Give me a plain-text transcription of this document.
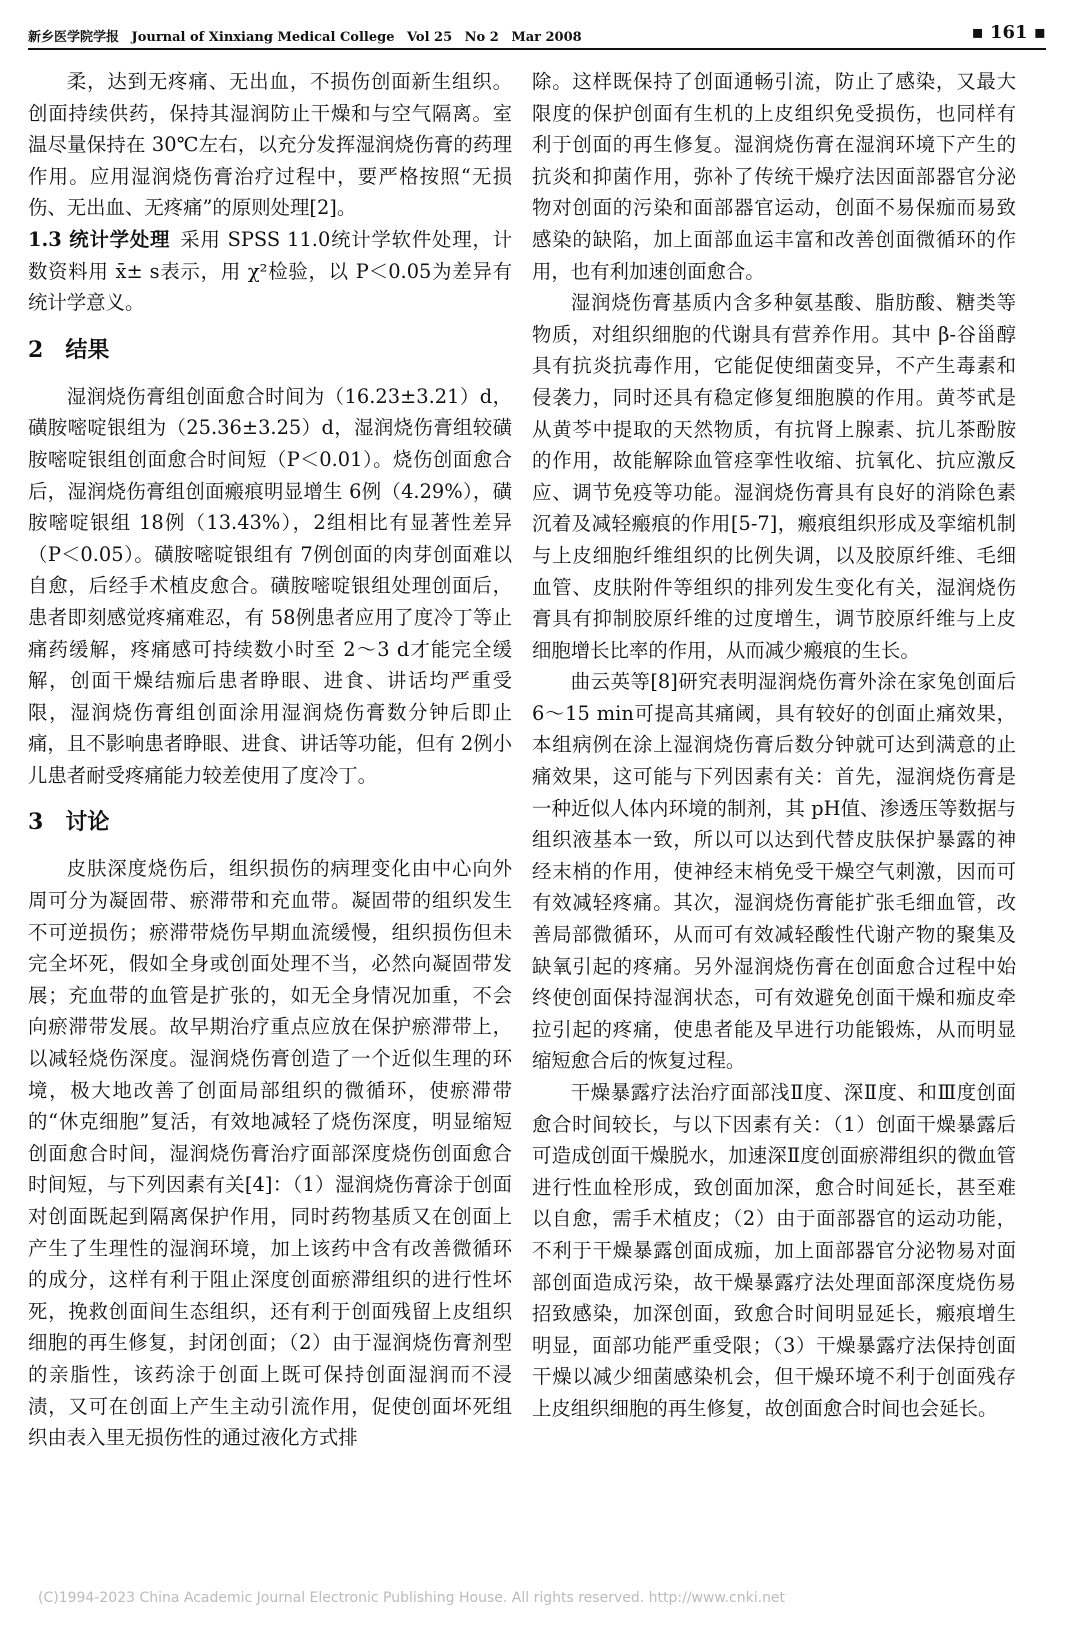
新乡医学院学报 Journal of Xinxiang Medical College Vol 25 No 2 Mar 2008	▪ 161 ▪

柔，达到无疼痛、无出血，不损伤创面新生组织。创面持续供药，保持其湿润防止干燥和与空气隔离。室温尽量保持在 30℃左右，以充分发挥湿润烧伤膏的药理作用。应用湿润烧伤膏治疗过程中，要严格按照“无损伤、无出血、无疼痛”的原则处理[2]。

1.3 统计学处理 采用 SPSS 11.0统计学软件处理，计数资料用 x̄± s表示，用 χ²检验，以 P＜0.05为差异有统计学意义。

2 结果

湿润烧伤膏组创面愈合时间为（16.23±3.21）d，磺胺嘧啶银组为（25.36±3.25）d，湿润烧伤膏组较磺胺嘧啶银组创面愈合时间短（P＜0.01）。烧伤创面愈合后，湿润烧伤膏组创面瘢痕明显增生 6例（4.29%），磺胺嘧啶银组 18例（13.43%），2组相比有显著性差异（P＜0.05）。磺胺嘧啶银组有 7例创面的肉芽创面难以自愈，后经手术植皮愈合。磺胺嘧啶银组处理创面后，患者即刻感觉疼痛难忍，有 58例患者应用了度冷丁等止痛药缓解，疼痛感可持续数小时至 2～3 d才能完全缓解，创面干燥结痂后患者睁眼、进食、讲话均严重受限，湿润烧伤膏组创面涂用湿润烧伤膏数分钟后即止痛，且不影响患者睁眼、进食、讲话等功能，但有 2例小儿患者耐受疼痛能力较差使用了度冷丁。

3 讨论

皮肤深度烧伤后，组织损伤的病理变化由中心向外周可分为凝固带、瘀滞带和充血带。凝固带的组织发生不可逆损伤；瘀滞带烧伤早期血流缓慢，组织损伤但未完全坏死，假如全身或创面处理不当，必然向凝固带发展；充血带的血管是扩张的，如无全身情况加重，不会向瘀滞带发展。故早期治疗重点应放在保护瘀滞带上，以减轻烧伤深度。湿润烧伤膏创造了一个近似生理的环境，极大地改善了创面局部组织的微循环，使瘀滞带的“休克细胞”复活，有效地减轻了烧伤深度，明显缩短创面愈合时间，湿润烧伤膏治疗面部深度烧伤创面愈合时间短，与下列因素有关[4]：（1）湿润烧伤膏涂于创面对创面既起到隔离保护作用，同时药物基质又在创面上产生了生理性的湿润环境，加上该药中含有改善微循环的成分，这样有利于阻止深度创面瘀滞组织的进行性坏死，挽救创面间生态组织，还有利于创面残留上皮组织细胞的再生修复，封闭创面；（2）由于湿润烧伤膏剂型的亲脂性，该药涂于创面上既可保持创面湿润而不浸渍，又可在创面上产生主动引流作用，促使创面坏死组织由表入里无损伤性的通过液化方式排

除。这样既保持了创面通畅引流，防止了感染，又最大限度的保护创面有生机的上皮组织免受损伤，也同样有利于创面的再生修复。湿润烧伤膏在湿润环境下产生的抗炎和抑菌作用，弥补了传统干燥疗法因面部器官分泌物对创面的污染和面部器官运动，创面不易保痂而易致感染的缺陷，加上面部血运丰富和改善创面微循环的作用，也有利加速创面愈合。

湿润烧伤膏基质内含多种氨基酸、脂肪酸、糖类等物质，对组织细胞的代谢具有营养作用。其中 β-谷甾醇具有抗炎抗毒作用，它能促使细菌变异，不产生毒素和侵袭力，同时还具有稳定修复细胞膜的作用。黄芩甙是从黄芩中提取的天然物质，有抗肾上腺素、抗儿茶酚胺的作用，故能解除血管痉挛性收缩、抗氧化、抗应激反应、调节免疫等功能。湿润烧伤膏具有良好的消除色素沉着及减轻瘢痕的作用[5-7]，瘢痕组织形成及挛缩机制与上皮细胞纤维组织的比例失调，以及胶原纤维、毛细血管、皮肤附件等组织的排列发生变化有关，湿润烧伤膏具有抑制胶原纤维的过度增生，调节胶原纤维与上皮细胞增长比率的作用，从而减少瘢痕的生长。

曲云英等[8]研究表明湿润烧伤膏外涂在家兔创面后 6～15 min可提高其痛阈，具有较好的创面止痛效果，本组病例在涂上湿润烧伤膏后数分钟就可达到满意的止痛效果，这可能与下列因素有关：首先，湿润烧伤膏是一种近似人体内环境的制剂，其 pH值、渗透压等数据与组织液基本一致，所以可以达到代替皮肤保护暴露的神经末梢的作用，使神经末梢免受干燥空气刺激，因而可有效减轻疼痛。其次，湿润烧伤膏能扩张毛细血管，改善局部微循环，从而可有效减轻酸性代谢产物的聚集及缺氧引起的疼痛。另外湿润烧伤膏在创面愈合过程中始终使创面保持湿润状态，可有效避免创面干燥和痂皮牵拉引起的疼痛，使患者能及早进行功能锻炼，从而明显缩短愈合后的恢复过程。

干燥暴露疗法治疗面部浅Ⅱ度、深Ⅱ度、和Ⅲ度创面愈合时间较长，与以下因素有关：（1）创面干燥暴露后可造成创面干燥脱水，加速深Ⅱ度创面瘀滞组织的微血管进行性血栓形成，致创面加深，愈合时间延长，甚至难以自愈，需手术植皮；（2）由于面部器官的运动功能，不利于干燥暴露创面成痂，加上面部器官分泌物易对面部创面造成污染，故干燥暴露疗法处理面部深度烧伤易招致感染，加深创面，致愈合时间明显延长，瘢痕增生明显，面部功能严重受限；（3）干燥暴露疗法保持创面干燥以减少细菌感染机会，但干燥环境不利于创面残存上皮组织细胞的再生修复，故创面愈合时间也会延长。

(C)1994-2023 China Academic Journal Electronic Publishing House. All rights reserved. http://www.cnki.net
